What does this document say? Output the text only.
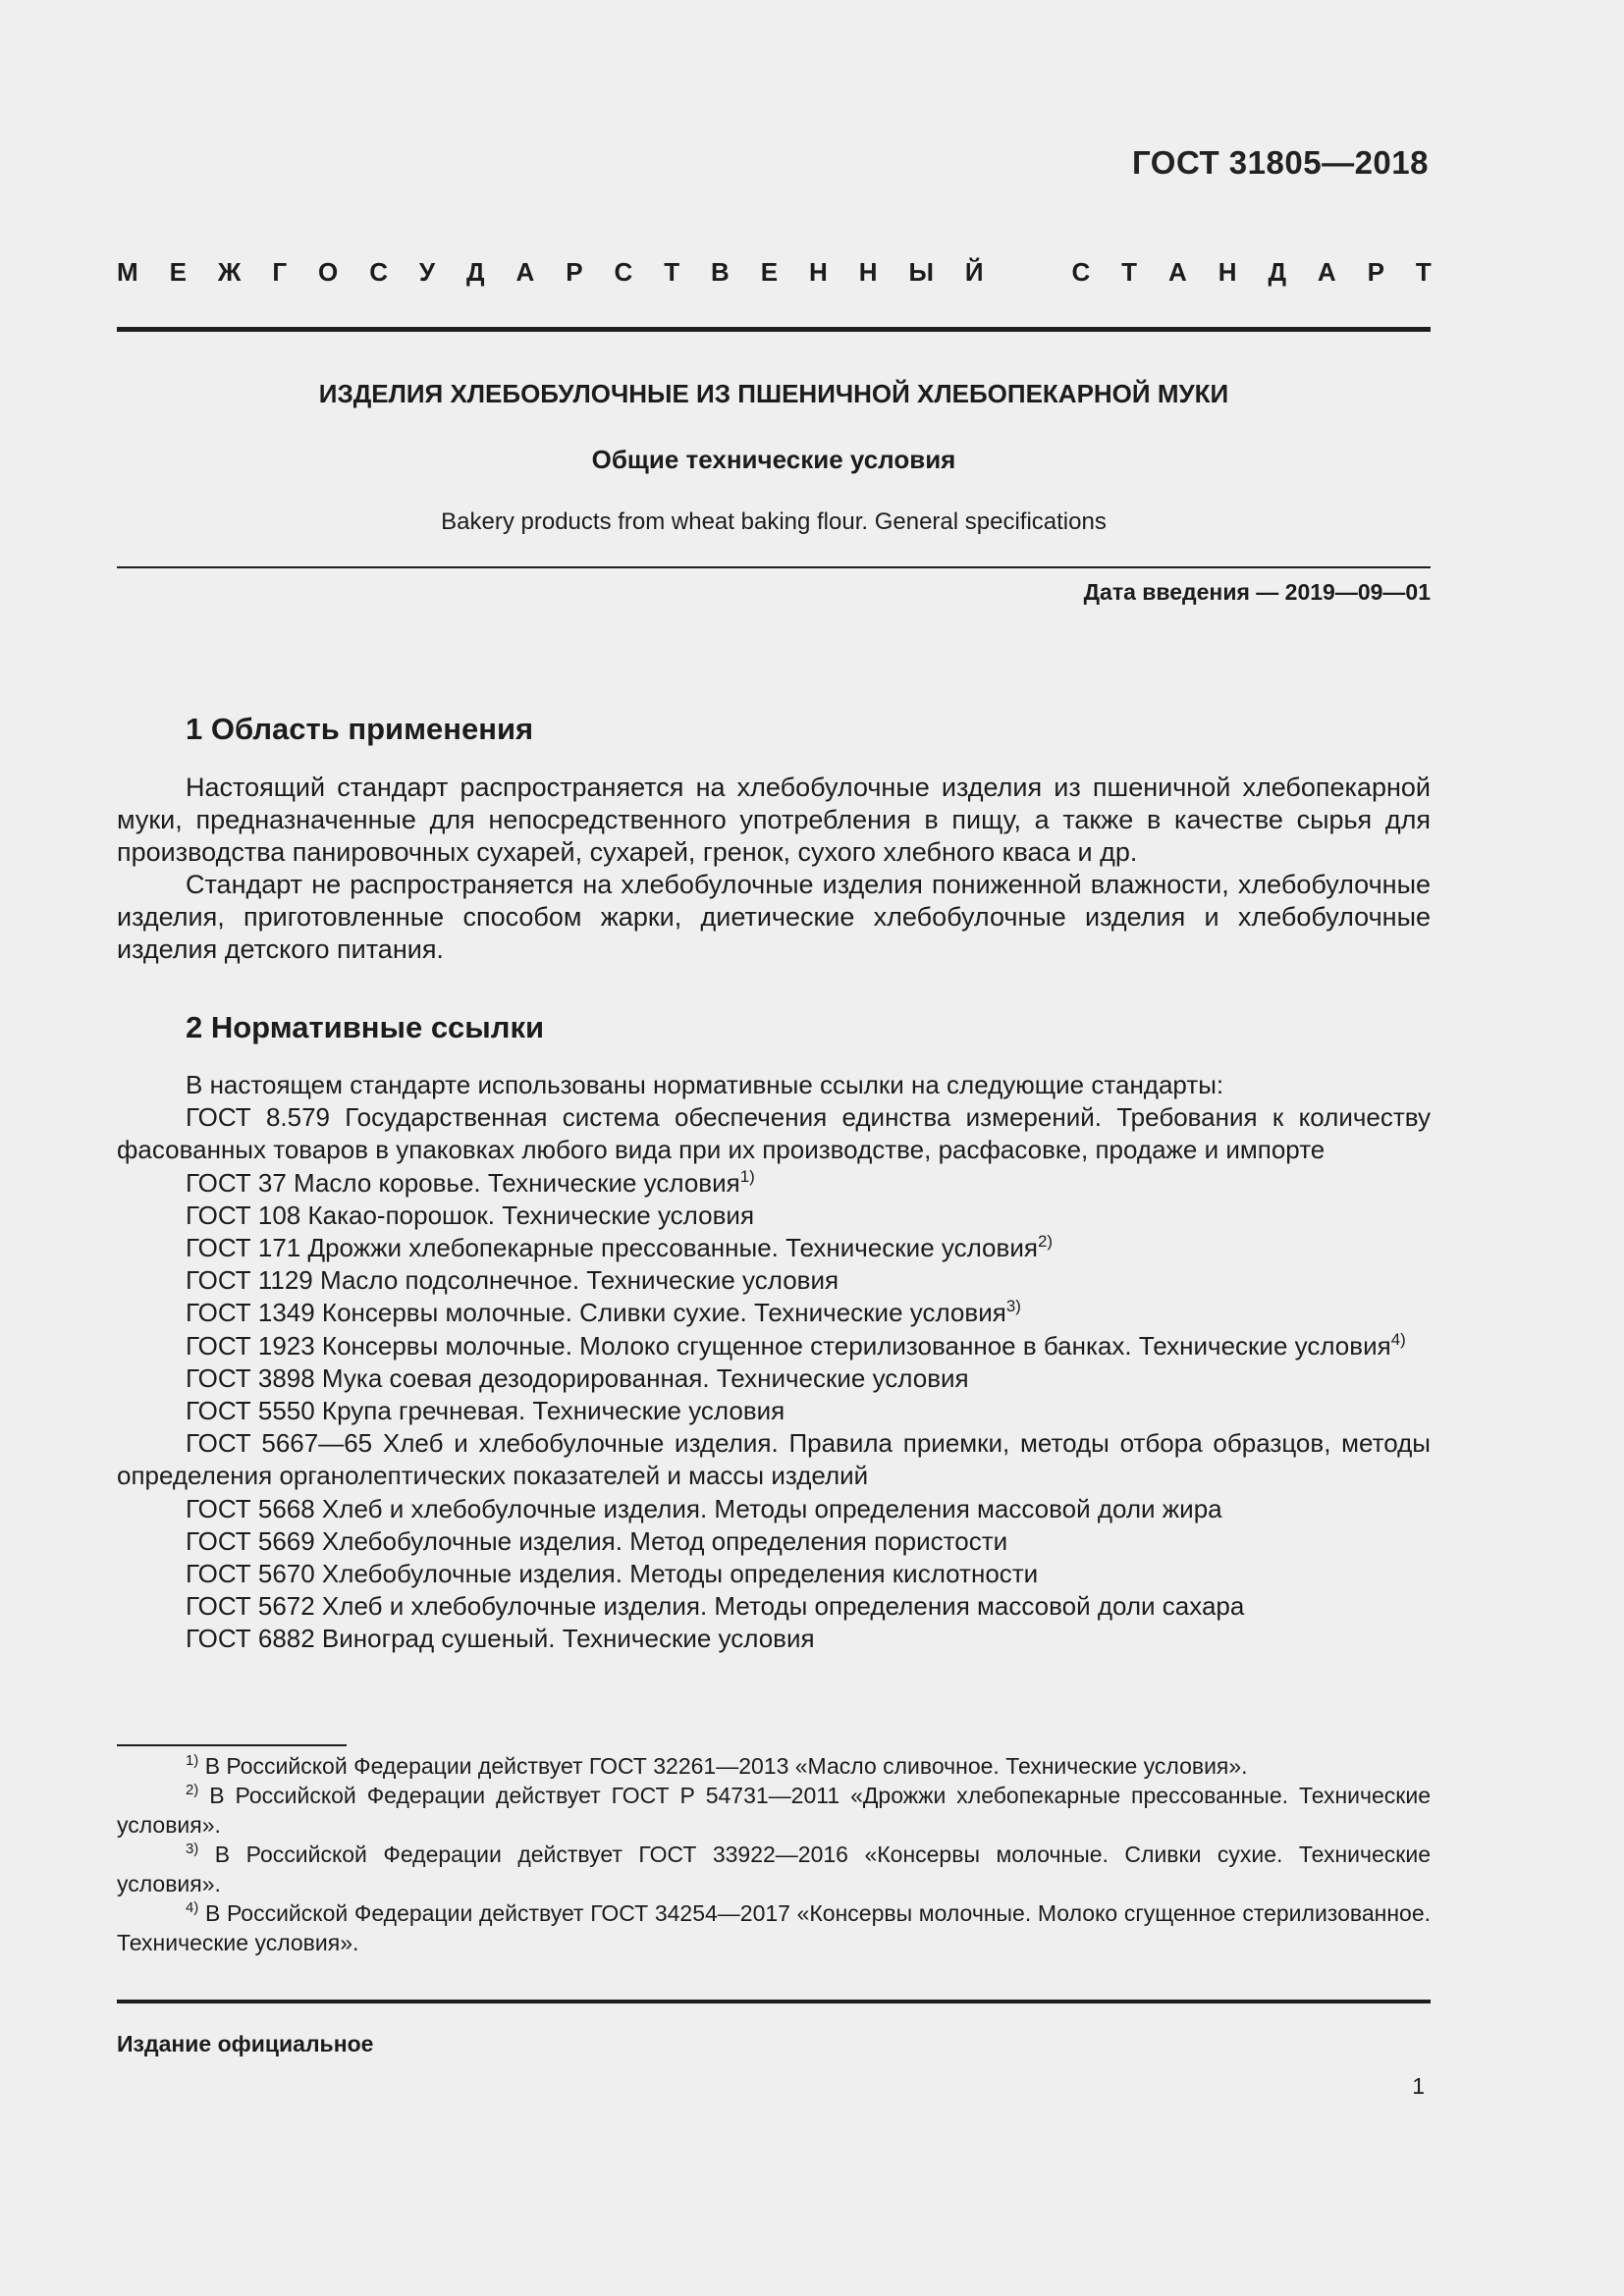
ГОСТ 31805—2018
М Е Ж Г О С У Д А Р С Т В Е Н Н Ы Й	С Т А Н Д А Р Т
ИЗДЕЛИЯ ХЛЕБОБУЛОЧНЫЕ ИЗ ПШЕНИЧНОЙ ХЛЕБОПЕКАРНОЙ МУКИ
Общие технические условия
Bakery products from wheat baking flour. General specifications
Дата введения — 2019—09—01
1 Область применения

Настоящий стандарт распространяется на хлебобулочные изделия из пшеничной хлебопекарной муки, предназначенные для непосредственного употребления в пищу, а также в качестве сырья для производства панировочных сухарей, сухарей, гренок, сухого хлебного кваса и др.

Стандарт не распространяется на хлебобулочные изделия пониженной влажности, хлебобулочные изделия, приготовленные способом жарки, диетические хлебобулочные изделия и хлебобулочные изделия детского питания.

2 Нормативные ссылки

В настоящем стандарте использованы нормативные ссылки на следующие стандарты:

ГОСТ 8.579 Государственная система обеспечения единства измерений. Требования к количеству фасованных товаров в упаковках любого вида при их производстве, расфасовке, продаже и импорте

ГОСТ 37 Масло коровье. Технические условия$^{1)}$

ГОСТ 108 Какао-порошок. Технические условия

ГОСТ 171 Дрожжи хлебопекарные прессованные. Технические условия$^{2)}$

ГОСТ 1129 Масло подсолнечное. Технические условия

ГОСТ 1349 Консервы молочные. Сливки сухие. Технические условия$^{3)}$

ГОСТ 1923 Консервы молочные. Молоко сгущенное стерилизованное в банках. Технические условия$^{4)}$

ГОСТ 3898 Мука соевая дезодорированная. Технические условия

ГОСТ 5550 Крупа гречневая. Технические условия

ГОСТ 5667—65 Хлеб и хлебобулочные изделия. Правила приемки, методы отбора образцов, методы определения органолептических показателей и массы изделий

ГОСТ 5668 Хлеб и хлебобулочные изделия. Методы определения массовой доли жира

ГОСТ 5669 Хлебобулочные изделия. Метод определения пористости

ГОСТ 5670 Хлебобулочные изделия. Методы определения кислотности

ГОСТ 5672 Хлеб и хлебобулочные изделия. Методы определения массовой доли сахара

ГОСТ 6882 Виноград сушеный. Технические условия

$^{1)}$ В Российской Федерации действует ГОСТ 32261—2013 «Масло сливочное. Технические условия».

$^{2)}$ В Российской Федерации действует ГОСТ Р 54731—2011 «Дрожжи хлебопекарные прессованные. Технические условия».

$^{3)}$ В Российской Федерации действует ГОСТ 33922—2016 «Консервы молочные. Сливки сухие. Технические условия».

$^{4)}$ В Российской Федерации действует ГОСТ 34254—2017 «Консервы молочные. Молоко сгущенное стерилизованное. Технические условия».

Издание официальное
1
